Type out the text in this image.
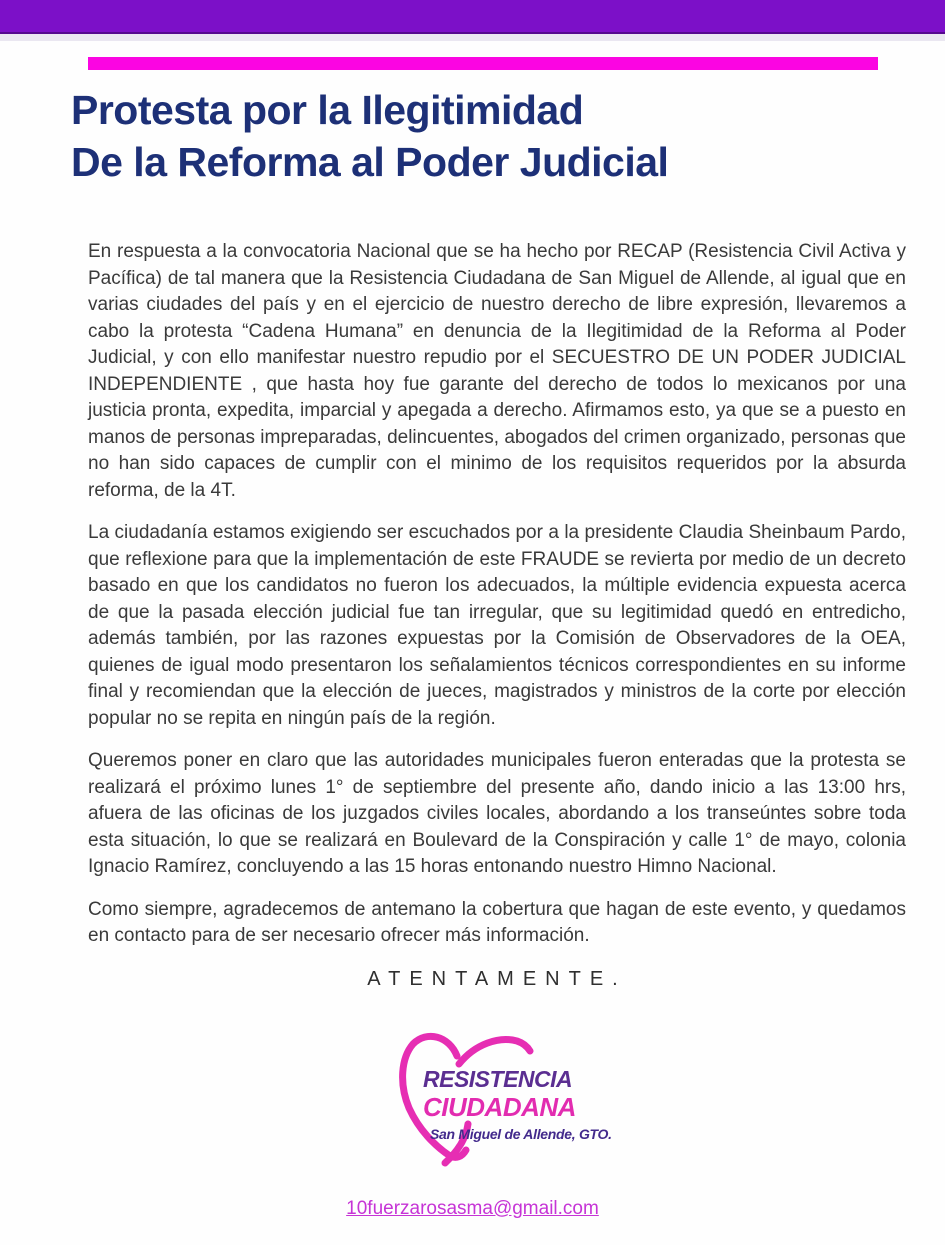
Protesta por la Ilegitimidad
De la Reforma al Poder Judicial

En respuesta a la convocatoria Nacional que se ha hecho por RECAP (Resistencia Civil Activa y Pacífica) de tal manera que la Resistencia Ciudadana de San Miguel de Allende, al igual que en varias ciudades del país y en el ejercicio de nuestro derecho de libre expresión, llevaremos a cabo la protesta “Cadena Humana” en denuncia de la Ilegitimidad de la Reforma al Poder Judicial, y con ello manifestar nuestro repudio por el SECUESTRO DE UN PODER JUDICIAL INDEPENDIENTE , que hasta hoy fue garante del derecho de todos lo mexicanos por una justicia pronta, expedita, imparcial y apegada a derecho. Afirmamos esto, ya que se a puesto en manos de personas impreparadas, delincuentes, abogados del crimen organizado, personas que no han sido capaces de cumplir con el minimo de los requisitos requeridos por la absurda reforma, de la 4T.

La ciudadanía estamos exigiendo ser escuchados por a la presidente Claudia Sheinbaum Pardo, que reflexione para que la implementación de este FRAUDE se revierta por medio de un decreto basado en que los candidatos no fueron los adecuados, la múltiple evidencia expuesta acerca de que la pasada elección judicial fue tan irregular, que su legitimidad quedó en entredicho, además también, por las razones expuestas por la Comisión de Observadores de la OEA, quienes de igual modo presentaron los señalamientos técnicos correspondientes en su informe final y recomiendan que la elección de jueces, magistrados y ministros de la corte por elección popular no se repita en ningún país de la región.

Queremos poner en claro que las autoridades municipales fueron enteradas que la protesta se realizará el próximo lunes 1° de septiembre del presente año, dando inicio a las 13:00 hrs, afuera de las oficinas de los juzgados civiles locales, abordando a los transeúntes sobre toda esta situación, lo que se realizará en Boulevard de la Conspiración y calle 1° de mayo, colonia Ignacio Ramírez, concluyendo a las 15 horas entonando nuestro Himno Nacional.

Como siempre, agradecemos de antemano la cobertura que hagan de este evento, y quedamos en contacto para de ser necesario ofrecer más información.

ATENTAMENTE.
RESISTENCIA
CIUDADANA
San Miguel de Allende, GTO.
10fuerzarosasma@gmail.com
